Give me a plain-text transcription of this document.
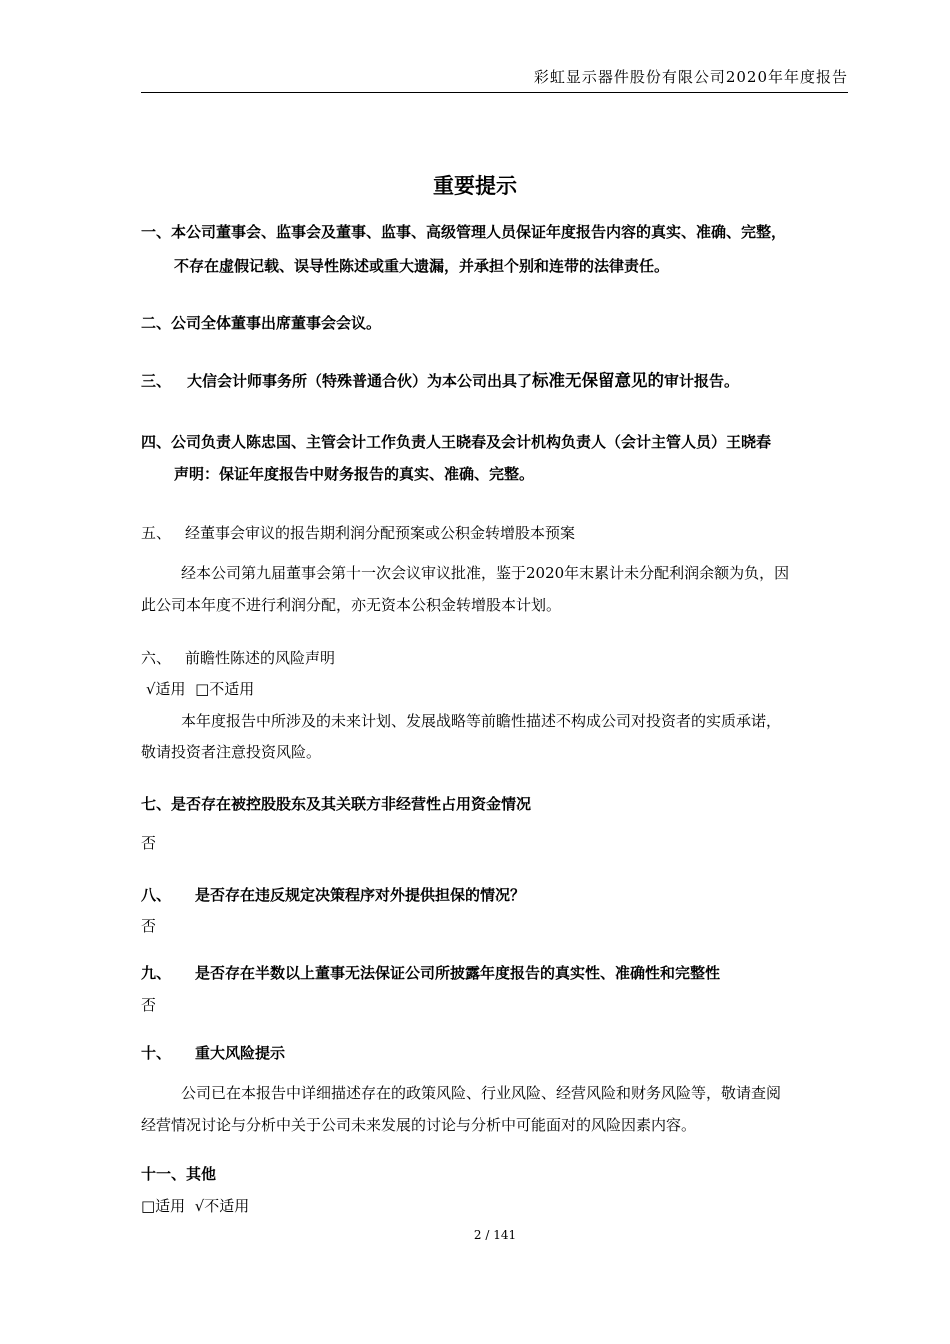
彩虹显示器件股份有限公司2020年年度报告
重要提示
一、本公司董事会、监事会及董事、监事、高级管理人员保证年度报告内容的真实、准确、完整，
不存在虚假记载、误导性陈述或重大遗漏，并承担个别和连带的法律责任。
二、公司全体董事出席董事会会议。
三、 大信会计师事务所（特殊普通合伙）为本公司出具了标准无保留意见的审计报告。
四、公司负责人陈忠国、主管会计工作负责人王晓春及会计机构负责人（会计主管人员）王晓春
声明：保证年度报告中财务报告的真实、准确、完整。
五、 经董事会审议的报告期利润分配预案或公积金转增股本预案
经本公司第九届董事会第十一次会议审议批准，鉴于2020年末累计未分配利润余额为负，因
此公司本年度不进行利润分配，亦无资本公积金转增股本计划。
六、 前瞻性陈述的风险声明
√适用  □不适用
本年度报告中所涉及的未来计划、发展战略等前瞻性描述不构成公司对投资者的实质承诺，
敬请投资者注意投资风险。
七、是否存在被控股股东及其关联方非经营性占用资金情况
否
八、 是否存在违反规定决策程序对外提供担保的情况？
否
九、 是否存在半数以上董事无法保证公司所披露年度报告的真实性、准确性和完整性
否
十、 重大风险提示
公司已在本报告中详细描述存在的政策风险、行业风险、经营风险和财务风险等，敬请查阅
经营情况讨论与分析中关于公司未来发展的讨论与分析中可能面对的风险因素内容。
十一、其他
□适用  √不适用
2 / 141
